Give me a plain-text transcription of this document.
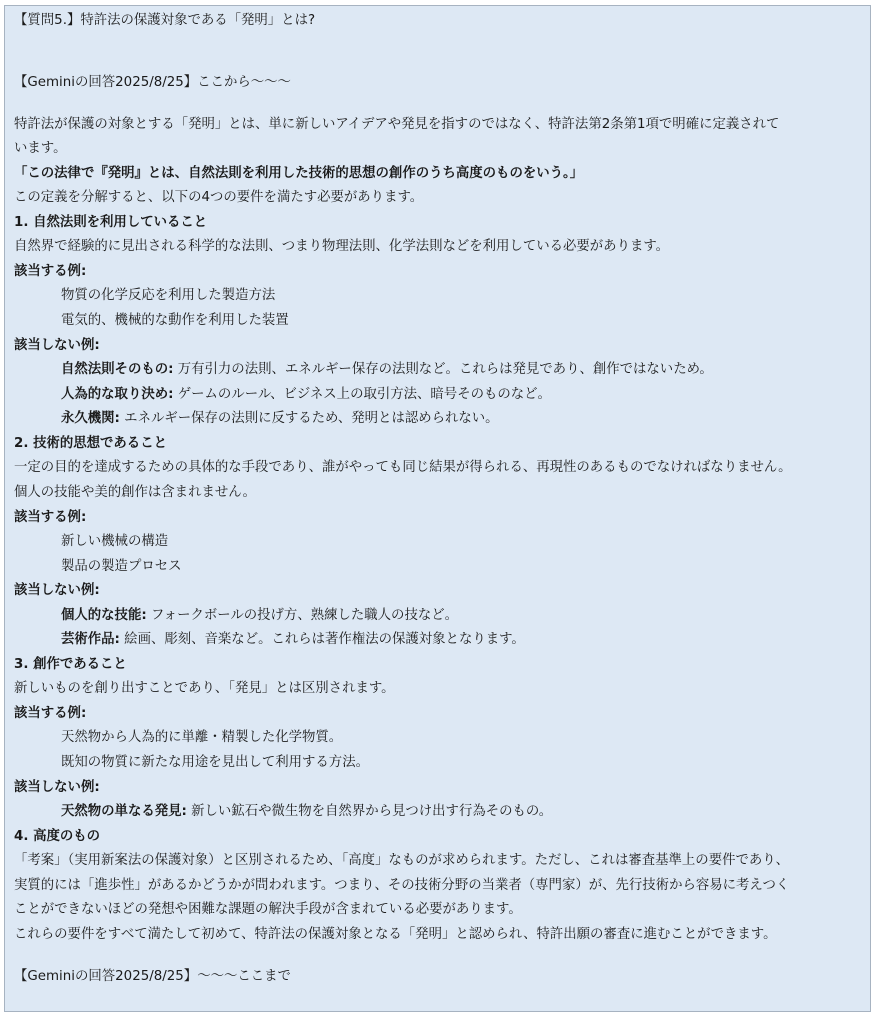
【質問5.】特許法の保護対象である「発明」とは?
【Geminiの回答2025/8/25】ここから〜〜〜
特許法が保護の対象とする「発明」とは、単に新しいアイデアや発見を指すのではなく、特許法第2条第1項で明確に定義されて
います。
「この法律で『発明』とは、自然法則を利用した技術的思想の創作のうち高度のものをいう。」
この定義を分解すると、以下の4つの要件を満たす必要があります。
1. 自然法則を利用していること
自然界で経験的に見出される科学的な法則、つまり物理法則、化学法則などを利用している必要があります。
該当する例:
物質の化学反応を利用した製造方法
電気的、機械的な動作を利用した装置
該当しない例:
自然法則そのもの: 万有引力の法則、エネルギー保存の法則など。これらは発見であり、創作ではないため。
人為的な取り決め: ゲームのルール、ビジネス上の取引方法、暗号そのものなど。
永久機関: エネルギー保存の法則に反するため、発明とは認められない。
2. 技術的思想であること
一定の目的を達成するための具体的な手段であり、誰がやっても同じ結果が得られる、再現性のあるものでなければなりません。
個人の技能や美的創作は含まれません。
該当する例:
新しい機械の構造
製品の製造プロセス
該当しない例:
個人的な技能: フォークボールの投げ方、熟練した職人の技など。
芸術作品: 絵画、彫刻、音楽など。これらは著作権法の保護対象となります。
3. 創作であること
新しいものを創り出すことであり、「発見」とは区別されます。
該当する例:
天然物から人為的に単離・精製した化学物質。
既知の物質に新たな用途を見出して利用する方法。
該当しない例:
天然物の単なる発見: 新しい鉱石や微生物を自然界から見つけ出す行為そのもの。
4. 高度のもの
「考案」（実用新案法の保護対象）と区別されるため、「高度」なものが求められます。ただし、これは審査基準上の要件であり、
実質的には「進歩性」があるかどうかが問われます。つまり、その技術分野の当業者（専門家）が、先行技術から容易に考えつく
ことができないほどの発想や困難な課題の解決手段が含まれている必要があります。
これらの要件をすべて満たして初めて、特許法の保護対象となる「発明」と認められ、特許出願の審査に進むことができます。
【Geminiの回答2025/8/25】〜〜〜ここまで
